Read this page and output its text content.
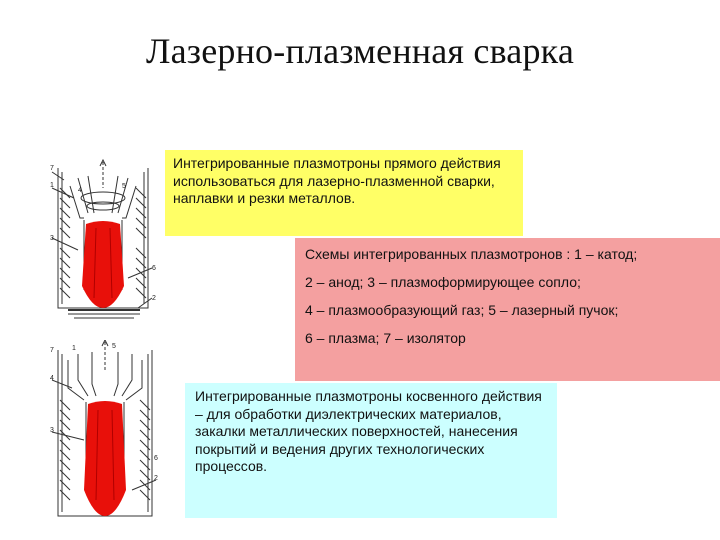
Лазерно-плазменная сварка
7
1
4
5
3
6
2
7	1	5
4
3
6
2
Интегрированные плазмотроны прямого действия использоваться для лазерно-плазменной сварки, наплавки и резки металлов.

Схемы интегрированных плазмотронов : 1 – катод;

2 – анод; 3 – плазмоформирующее сопло;

4 – плазмообразующий газ; 5 – лазерный пучок;

6 – плазма; 7 – изолятор

Интегрированные плазмотроны косвенного действия – для обработки диэлектрических материалов, закалки металлических поверхностей, нанесения покрытий и ведения других технологических процессов.
